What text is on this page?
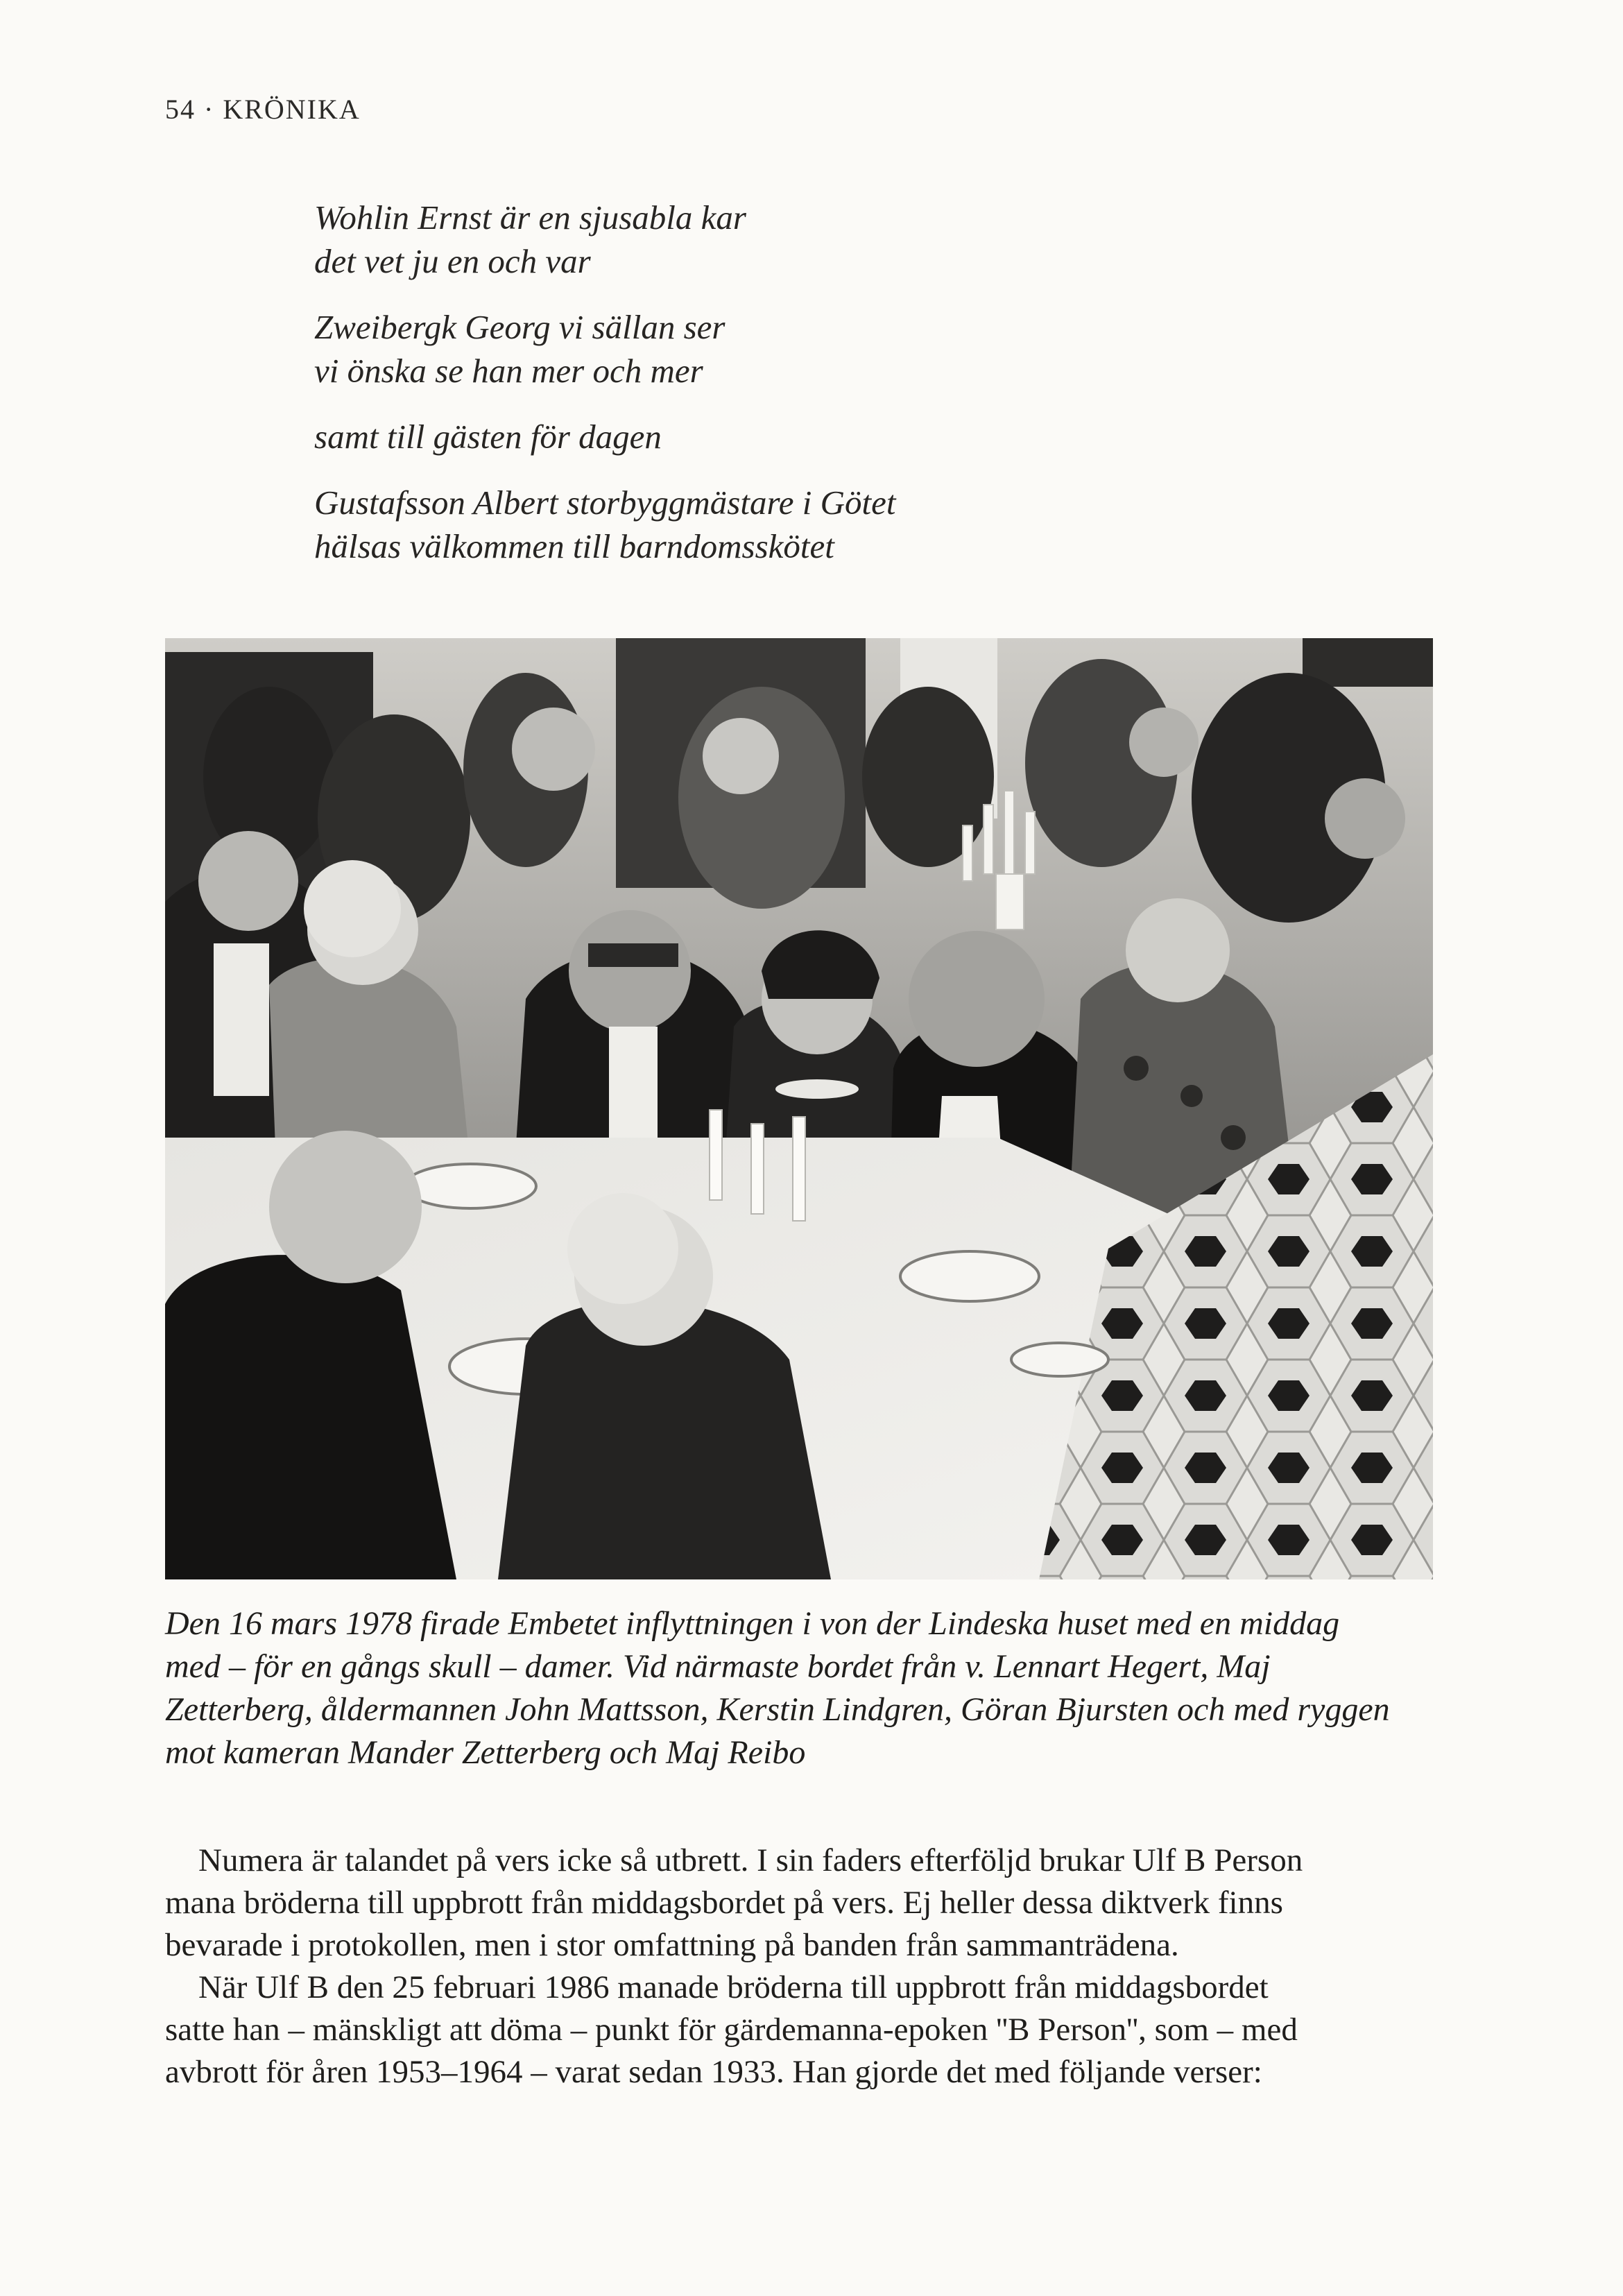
54 · KRÖNIKA
Wohlin Ernst är en sjusabla kar
det vet ju en och var
Zweibergk Georg vi sällan ser
vi önska se han mer och mer
samt till gästen för dagen
Gustafsson Albert storbyggmästare i Götet
hälsas välkommen till barndomsskötet
Den 16 mars 1978 firade Embetet inflyttningen i von der Lindeska huset med en middag
med – för en gångs skull – damer. Vid närmaste bordet från v. Lennart Hegert, Maj
Zetterberg, åldermannen John Mattsson, Kerstin Lindgren, Göran Bjursten och med ryggen
mot kameran Mander Zetterberg och Maj Reibo
Numera är talandet på vers icke så utbrett. I sin faders efterföljd brukar Ulf B Person
mana bröderna till uppbrott från middagsbordet på vers. Ej heller dessa diktverk finns
bevarade i protokollen, men i stor omfattning på banden från sammanträdena.
När Ulf B den 25 februari 1986 manade bröderna till uppbrott från middagsbordet
satte han – mänskligt att döma – punkt för gärdemanna-epoken ''B Person'', som – med
avbrott för åren 1953–1964 – varat sedan 1933. Han gjorde det med följande verser:
